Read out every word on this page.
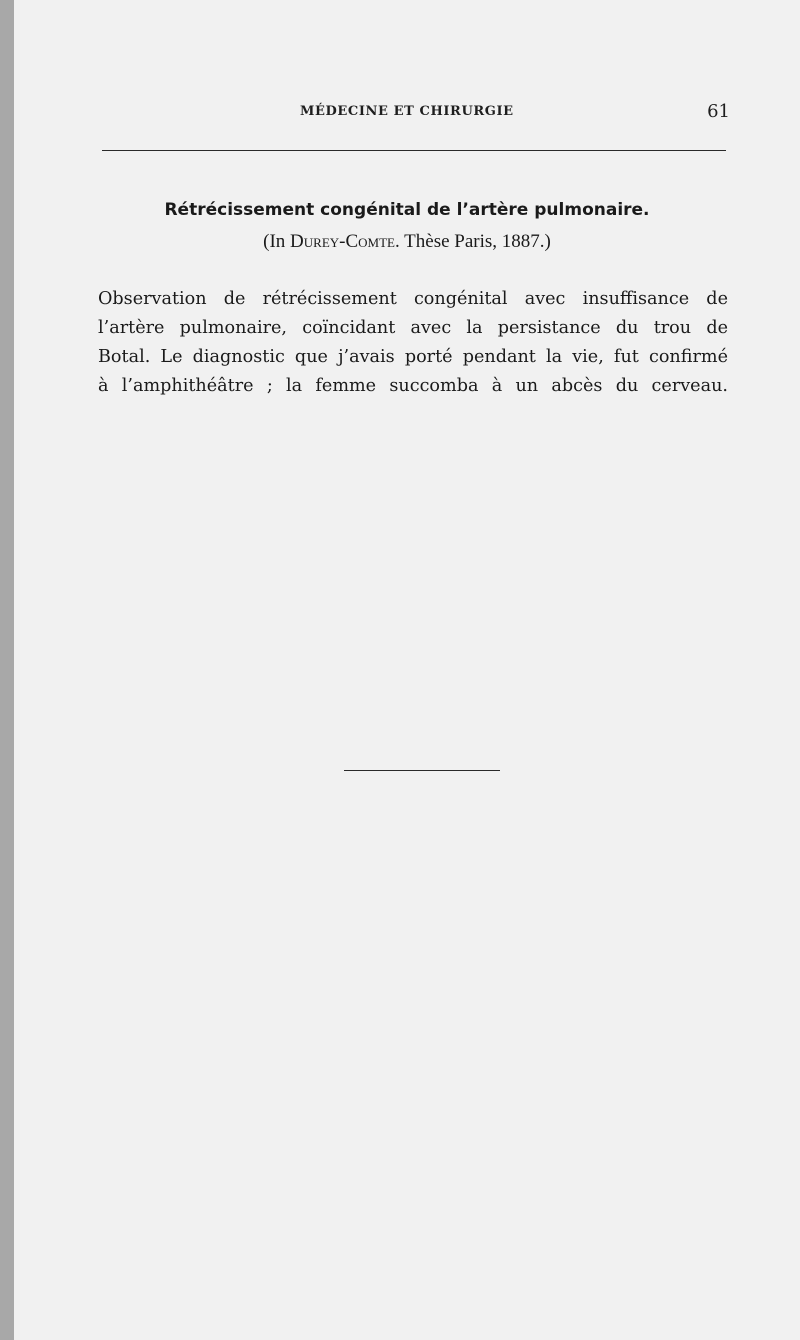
MÉDECINE ET CHIRURGIE	61
Rétrécissement congénital de l’artère pulmonaire.

(In Durey-Comte. Thèse Paris, 1887.)

Observation de rétrécissement congénital avec insuffisance de
l’artère pulmonaire, coïncidant avec la persistance du trou de
Botal. Le diagnostic que j’avais porté pendant la vie, fut confirmé
à l’amphithéâtre ; la femme succomba à un abcès du cerveau.
